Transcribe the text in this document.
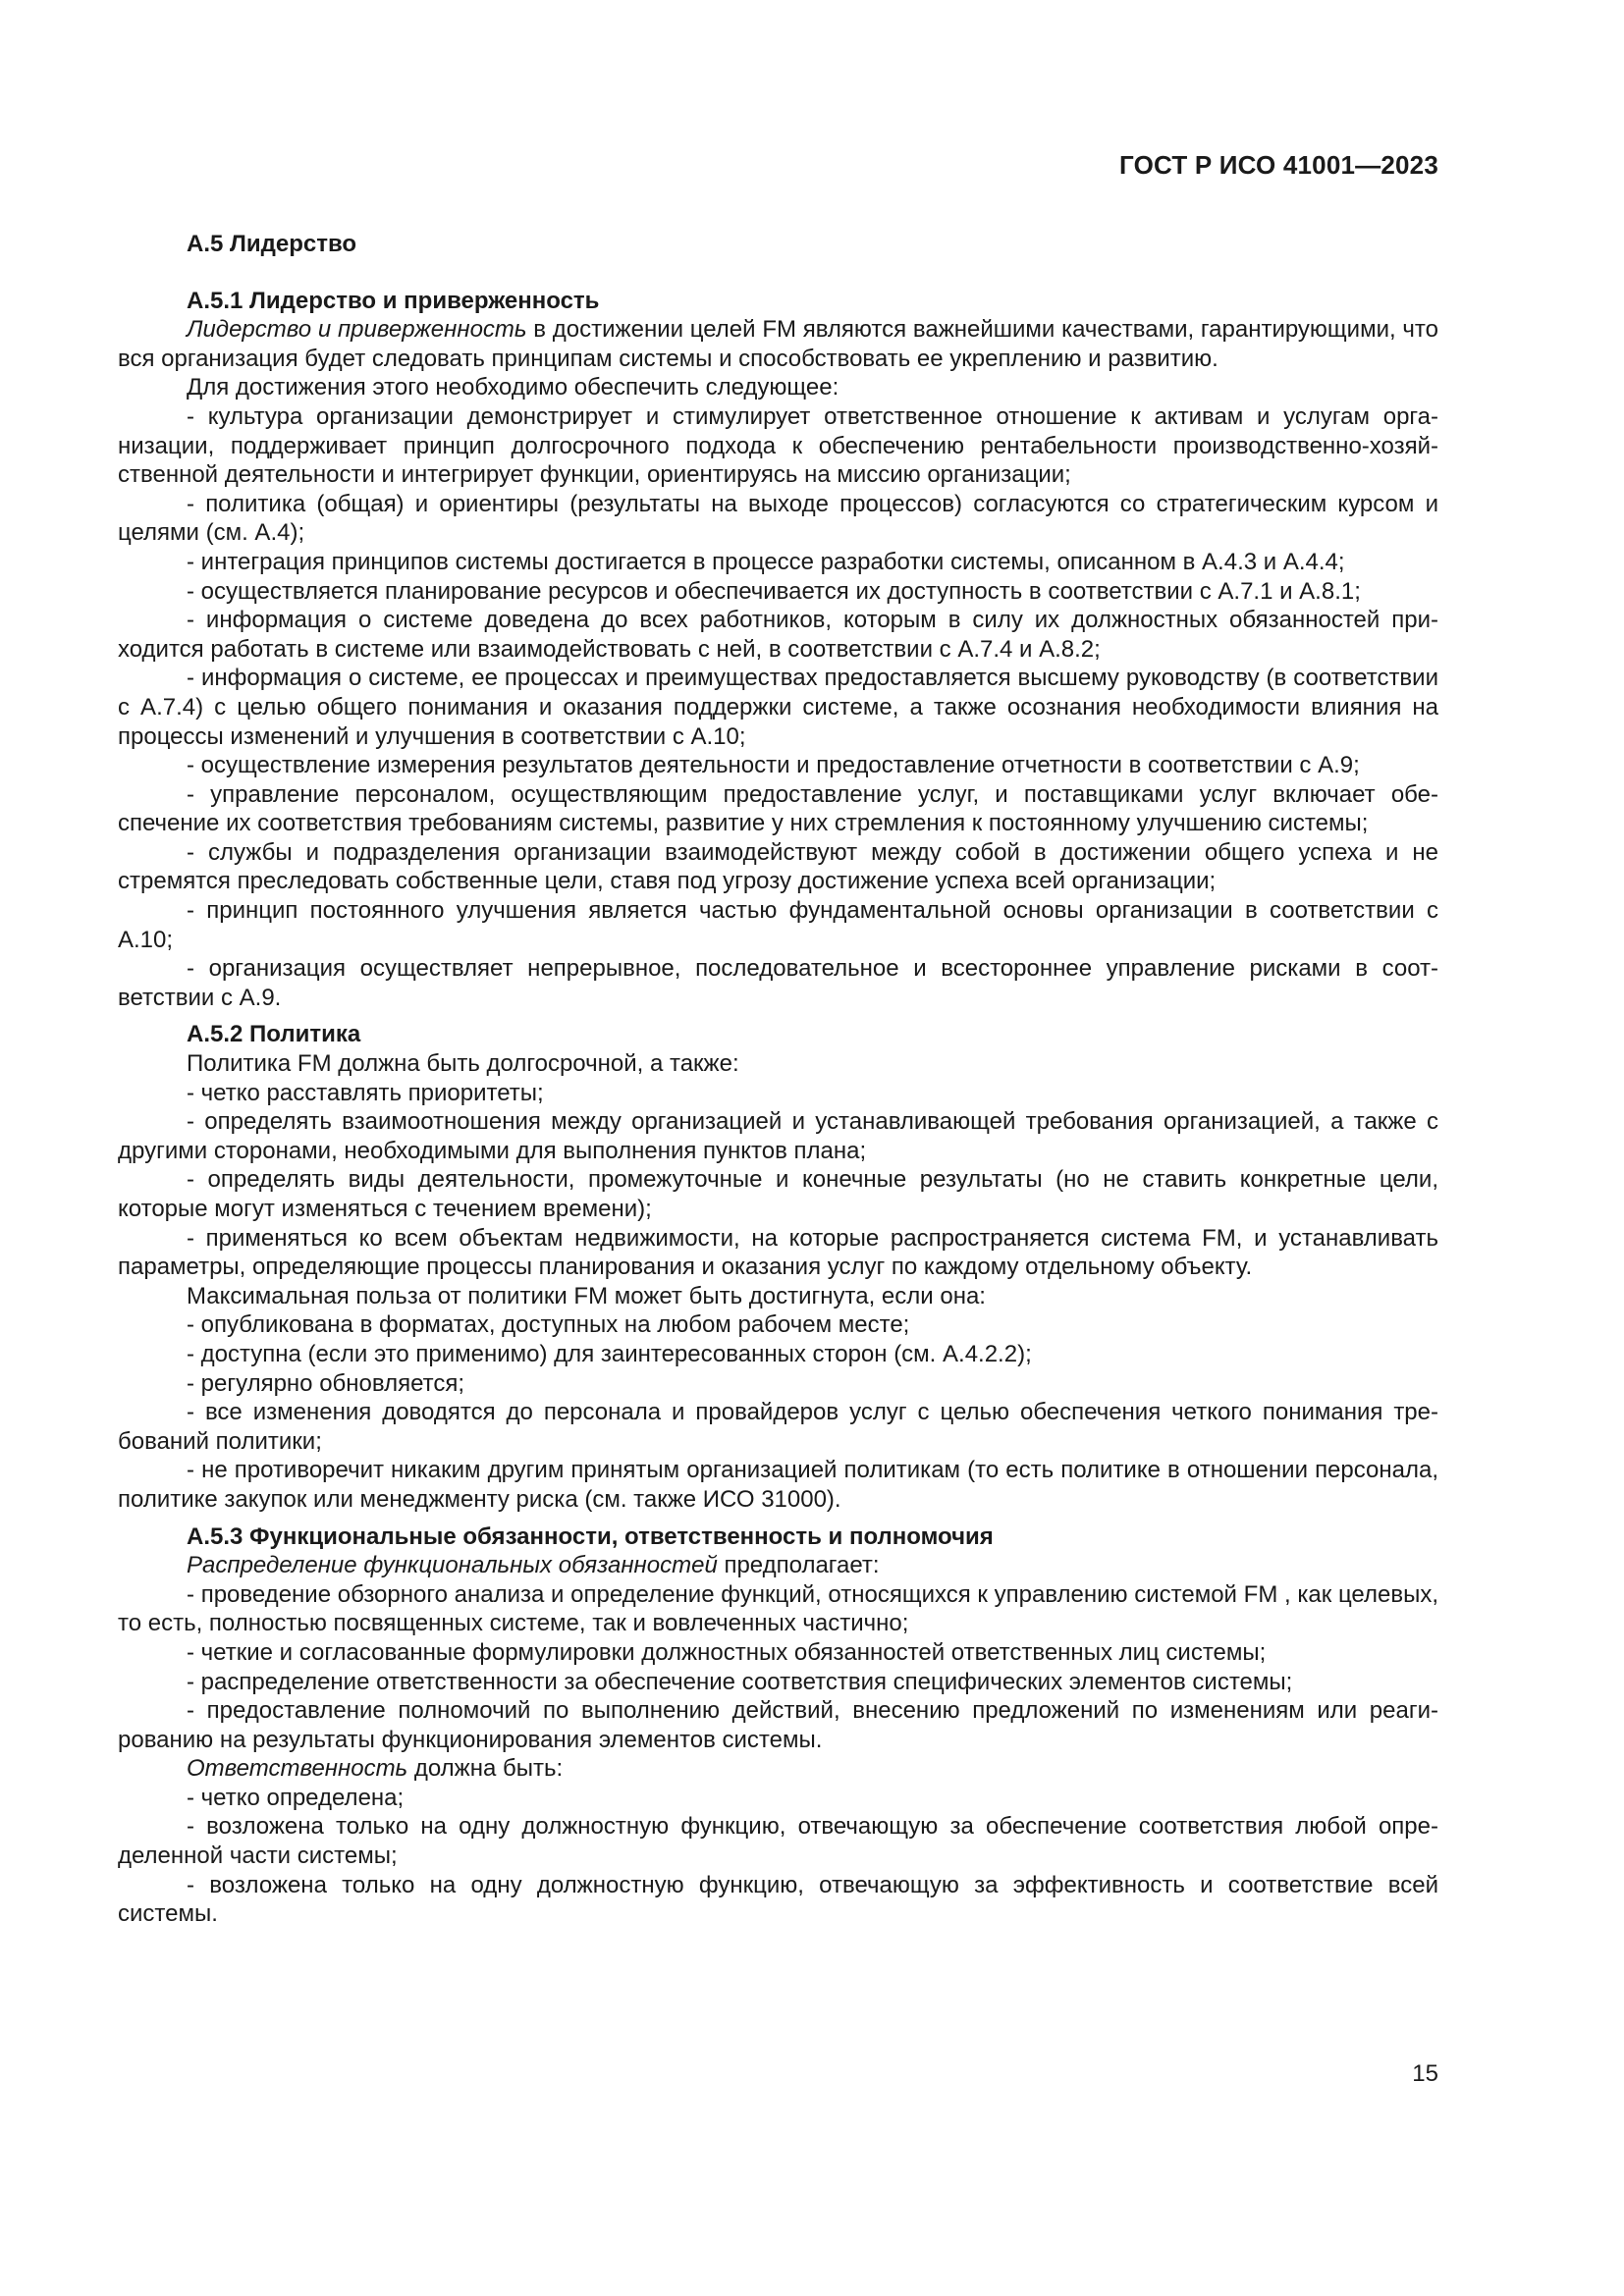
ГОСТ Р ИСО 41001—2023
А.5 Лидерство
А.5.1 Лидерство и приверженность

Лидерство и приверженность в достижении целей FM являются важнейшими качествами, гарантирующими, что вся организация будет следовать принципам системы и способствовать ее укреплению и развитию.

Для достижения этого необходимо обеспечить следующее:

- культура организации демонстрирует и стимулирует ответственное отношение к активам и услугам организации, поддерживает принцип долгосрочного подхода к обеспечению рентабельности производственно-хозяйственной деятельности и интегрирует функции, ориентируясь на миссию организации;

- политика (общая) и ориентиры (результаты на выходе процессов) согласуются со стратегическим курсом и целями (см. А.4);

- интеграция принципов системы достигается в процессе разработки системы, описанном в А.4.3 и А.4.4;

- осуществляется планирование ресурсов и обеспечивается их доступность в соответствии с А.7.1 и А.8.1;

- информация о системе доведена до всех работников, которым в силу их должностных обязанностей приходится работать в системе или взаимодействовать с ней, в соответствии с А.7.4 и А.8.2;

- информация о системе, ее процессах и преимуществах предоставляется высшему руководству (в соответствии с А.7.4) с целью общего понимания и оказания поддержки системе, а также осознания необходимости влияния на процессы изменений и улучшения в соответствии с А.10;

- осуществление измерения результатов деятельности и предоставление отчетности в соответствии с А.9;

- управление персоналом, осуществляющим предоставление услуг, и поставщиками услуг включает обеспечение их соответствия требованиям системы, развитие у них стремления к постоянному улучшению системы;

- службы и подразделения организации взаимодействуют между собой в достижении общего успеха и не стремятся преследовать собственные цели, ставя под угрозу достижение успеха всей организации;

- принцип постоянного улучшения является частью фундаментальной основы организации в соответствии с А.10;

- организация осуществляет непрерывное, последовательное и всестороннее управление рисками в соответствии с А.9.

А.5.2 Политика

Политика FM должна быть долгосрочной, а также:

- четко расставлять приоритеты;

- определять взаимоотношения между организацией и устанавливающей требования организацией, а также с другими сторонами, необходимыми для выполнения пунктов плана;

- определять виды деятельности, промежуточные и конечные результаты (но не ставить конкретные цели, которые могут изменяться с течением времени);

- применяться ко всем объектам недвижимости, на которые распространяется система FM, и устанавливать параметры, определяющие процессы планирования и оказания услуг по каждому отдельному объекту.

Максимальная польза от политики FM может быть достигнута, если она:

- опубликована в форматах, доступных на любом рабочем месте;

- доступна (если это применимо) для заинтересованных сторон (см. А.4.2.2);

- регулярно обновляется;

- все изменения доводятся до персонала и провайдеров услуг с целью обеспечения четкого понимания требований политики;

- не противоречит никаким другим принятым организацией политикам (то есть политике в отношении персонала, политике закупок или менеджменту риска (см. также ИСО 31000).

А.5.3 Функциональные обязанности, ответственность и полномочия

Распределение функциональных обязанностей предполагает:

- проведение обзорного анализа и определение функций, относящихся к управлению системой FM , как целевых, то есть, полностью посвященных системе, так и вовлеченных частично;

- четкие и согласованные формулировки должностных обязанностей ответственных лиц системы;

- распределение ответственности за обеспечение соответствия специфических элементов системы;

- предоставление полномочий по выполнению действий, внесению предложений по изменениям или реагированию на результаты функционирования элементов системы.

Ответственность должна быть:

- четко определена;

- возложена только на одну должностную функцию, отвечающую за обеспечение соответствия любой определенной части системы;

- возложена только на одну должностную функцию, отвечающую за эффективность и соответствие всей системы.

15
